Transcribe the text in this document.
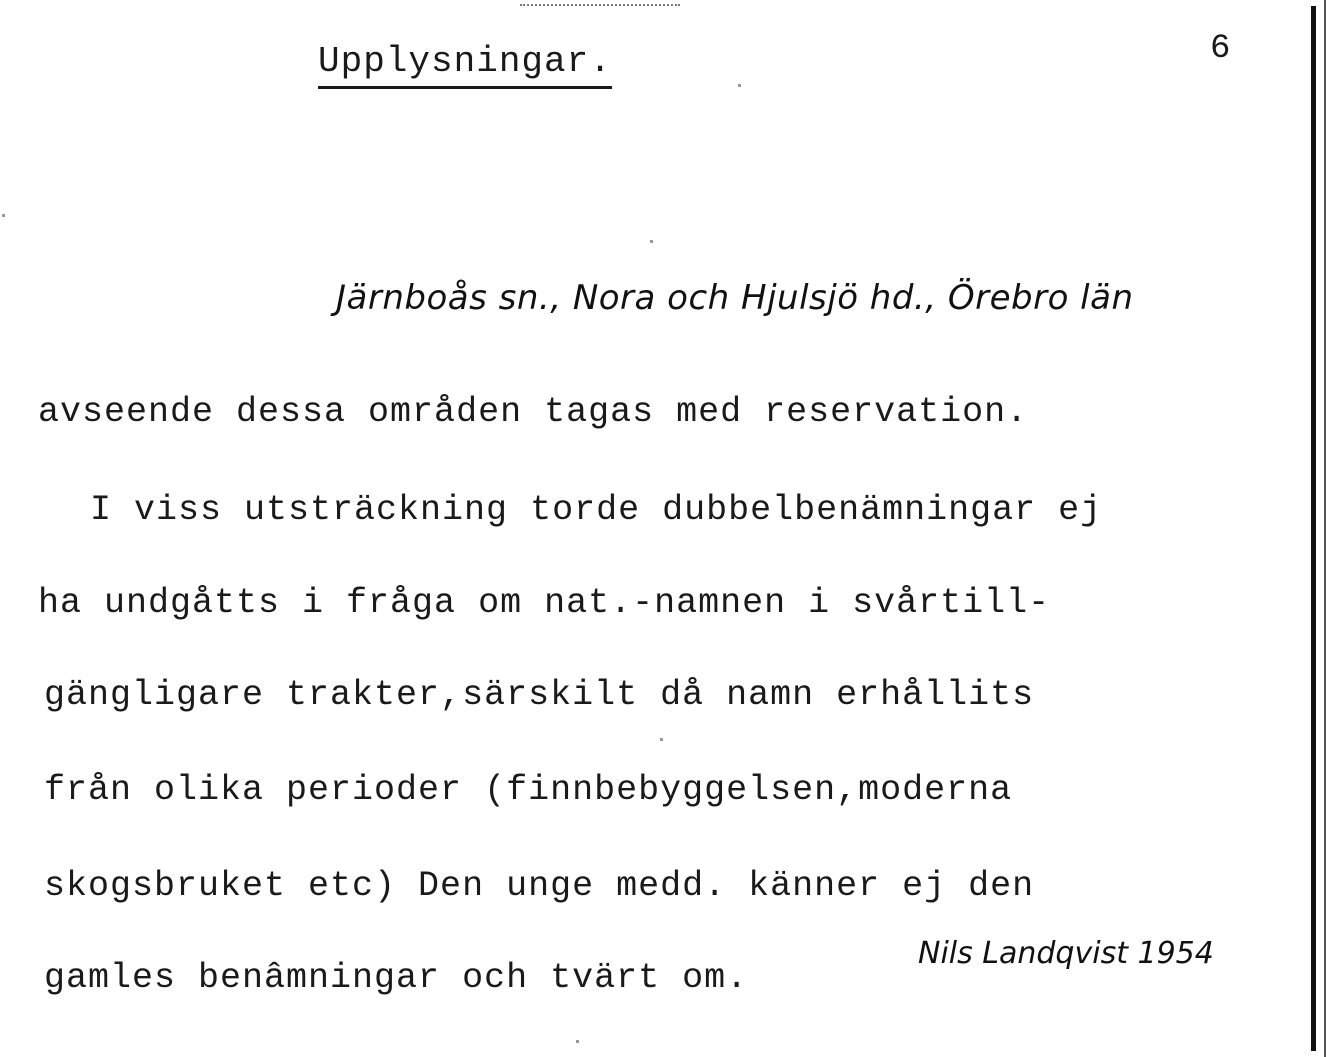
Upplysningar.	6
Järnboås sn., Nora och Hjulsjö hd., Örebro län
avseende dessa områden tagas med reservation.
I viss utsträckning torde dubbelbenämningar ej
ha undgåtts i fråga om nat.-namnen i svårtill-
gängligare trakter,särskilt då namn erhållits
från olika perioder (finnbebyggelsen,moderna
skogsbruket etc) Den unge medd. känner ej den
gamles benâmningar och tvärt om.
Nils Landqvist 1954
